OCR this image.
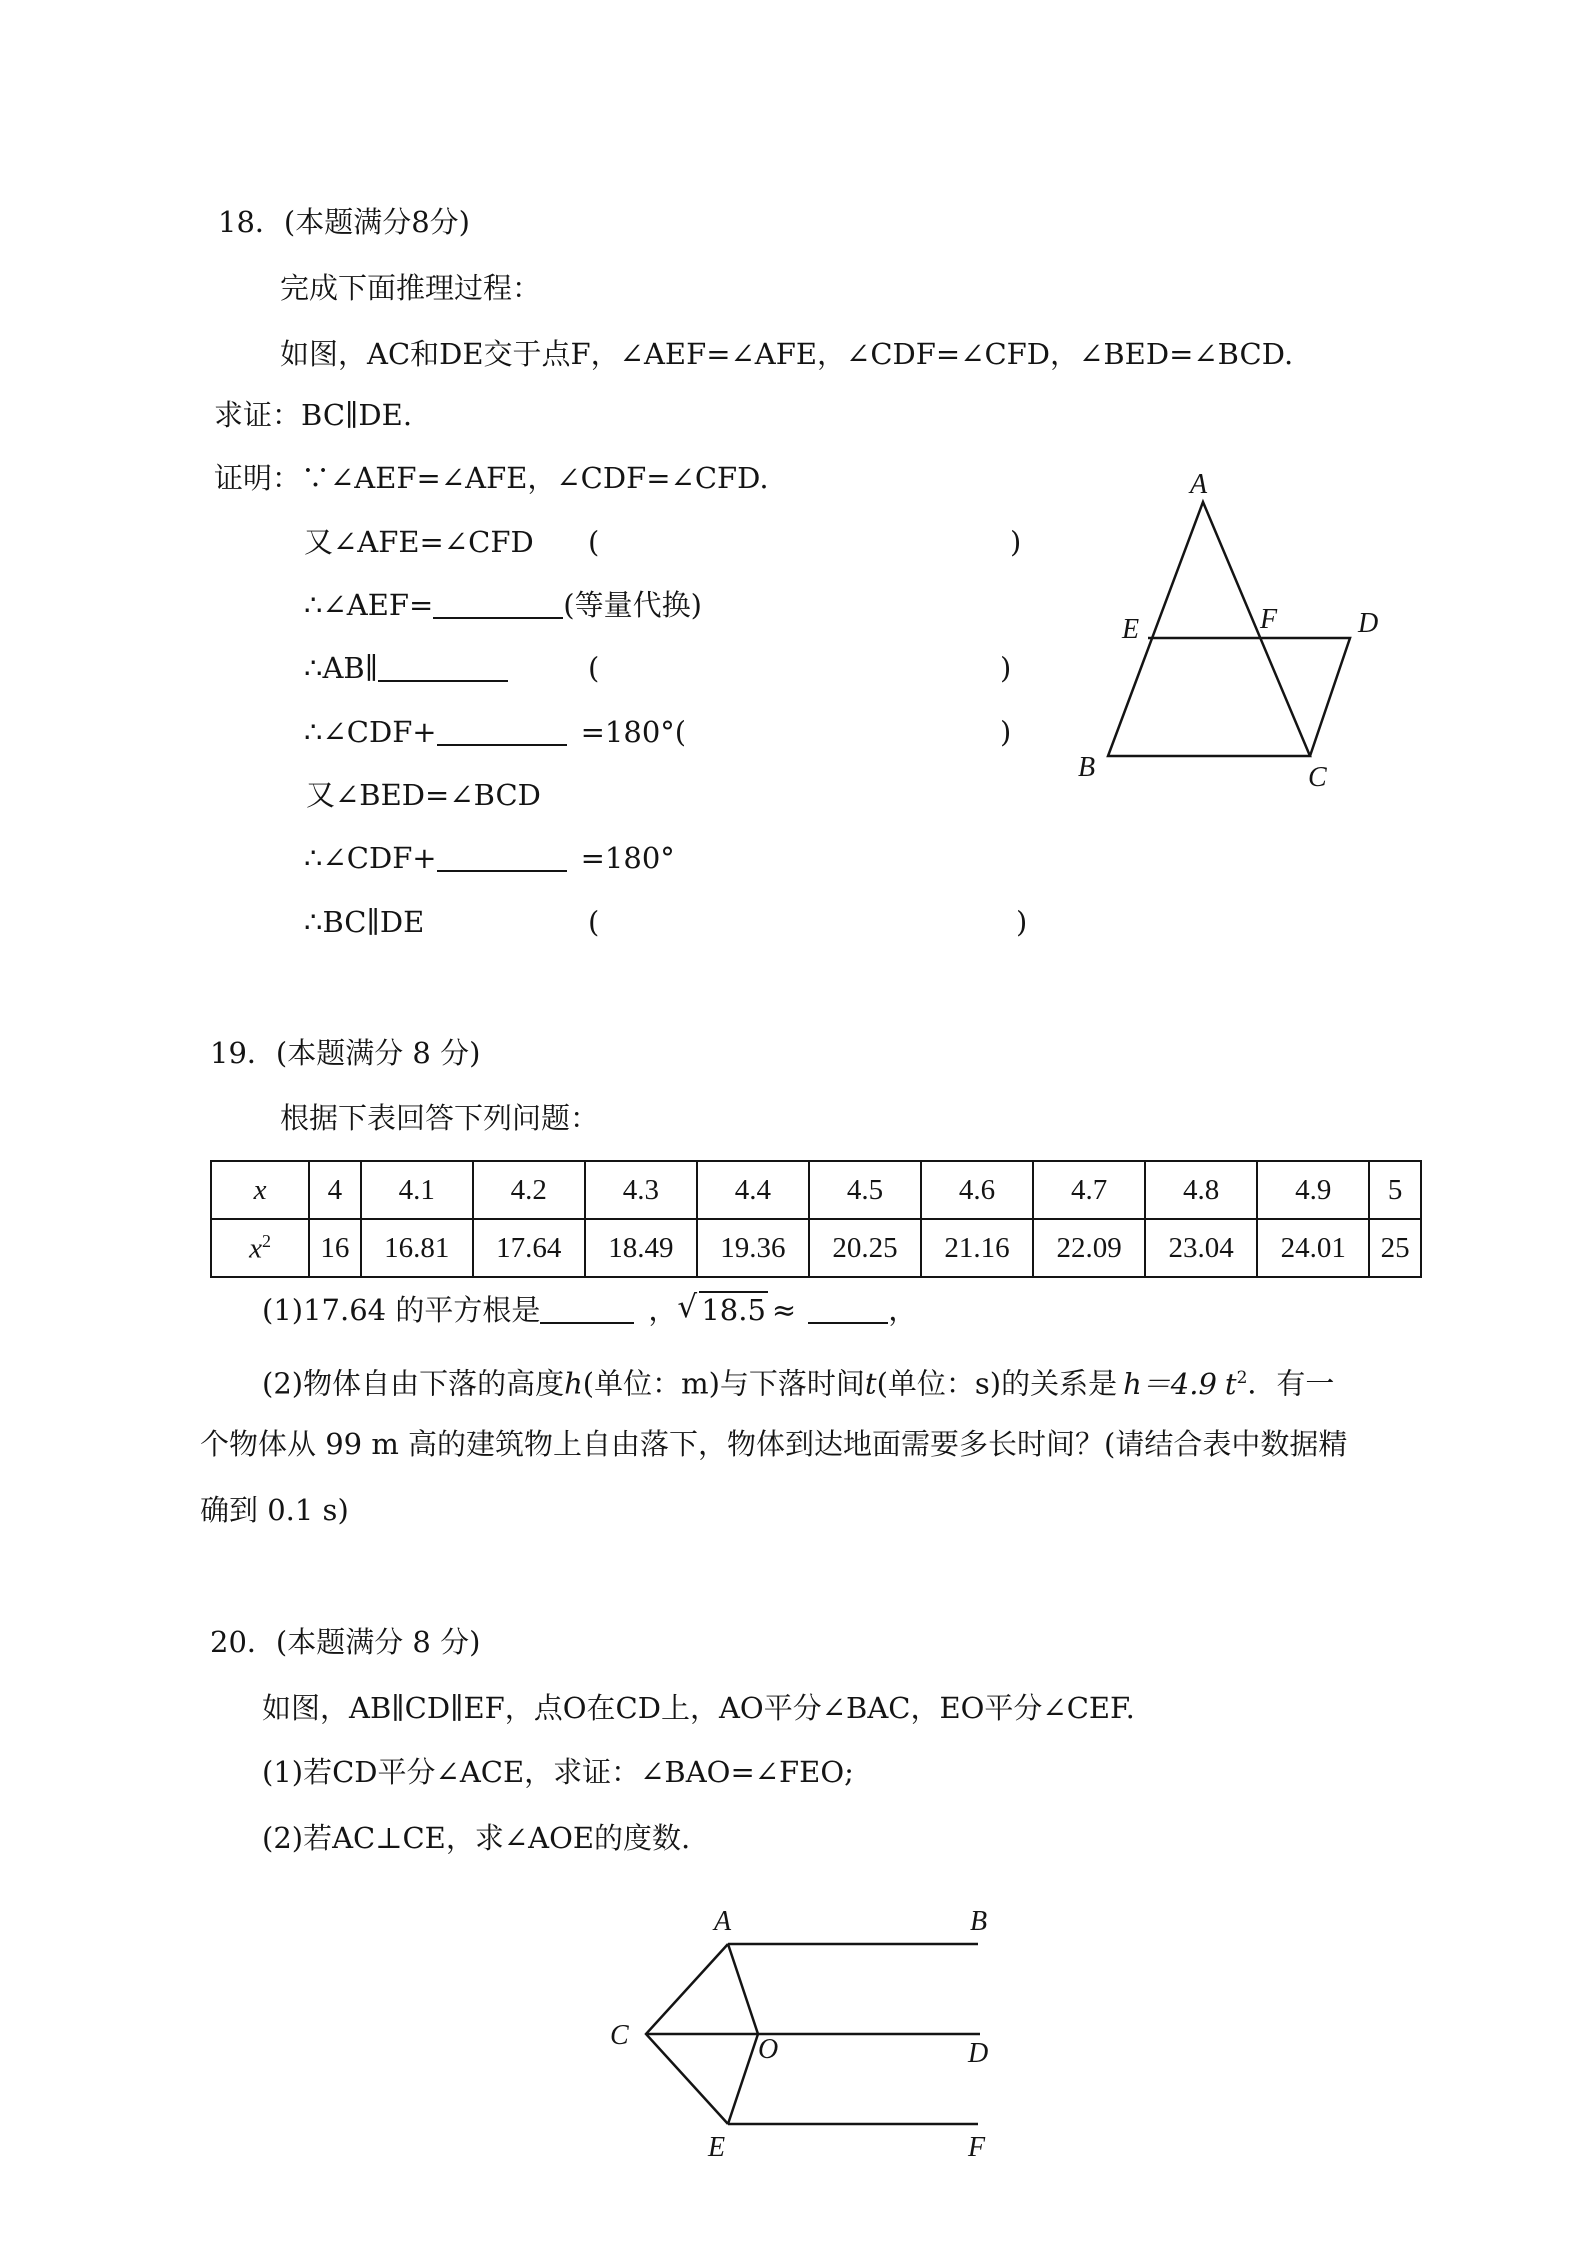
18．(本题满分8分)
完成下面推理过程：
如图，AC和DE交于点F，∠AEF=∠AFE，∠CDF=∠CFD，∠BED=∠BCD.
求证：BC∥DE.
证明：∵∠AEF=∠AFE，∠CDF=∠CFD.
又∠AFE=∠CFD (	)
∴∠AEF=	(等量代换)
∴AB∥	(	)
∴∠CDF+	=180°(	)
又∠BED=∠BCD
∴∠CDF+	=180°
∴BC∥DE	(	)
A
E	F	D
B	C
19．(本题满分 8 分)
根据下表回答下列问题：
x	4	4.1	4.2	4.3	4.4	4.5	4.6	4.7	4.8	4.9	5
$x^2$	16	16.81	17.64	18.49	19.36	20.25	21.16	22.09	23.04	24.01	25
(1)17.64 的平方根是	， √ 18.5 ≈	，
(2)物体自由下落的高度h(单位：m)与下落时间t(单位：s)的关系是 h＝4.9 $t^2$．有一
个物体从 99 m 高的建筑物上自由落下，物体到达地面需要多长时间？(请结合表中数据精
确到 0.1 s)
20．(本题满分 8 分)
如图，AB∥CD∥EF，点O在CD上，AO平分∠BAC，EO平分∠CEF.
(1)若CD平分∠ACE，求证：∠BAO=∠FEO;
(2)若AC⊥CE，求∠AOE的度数.
A	B
C	O	D
E	F
